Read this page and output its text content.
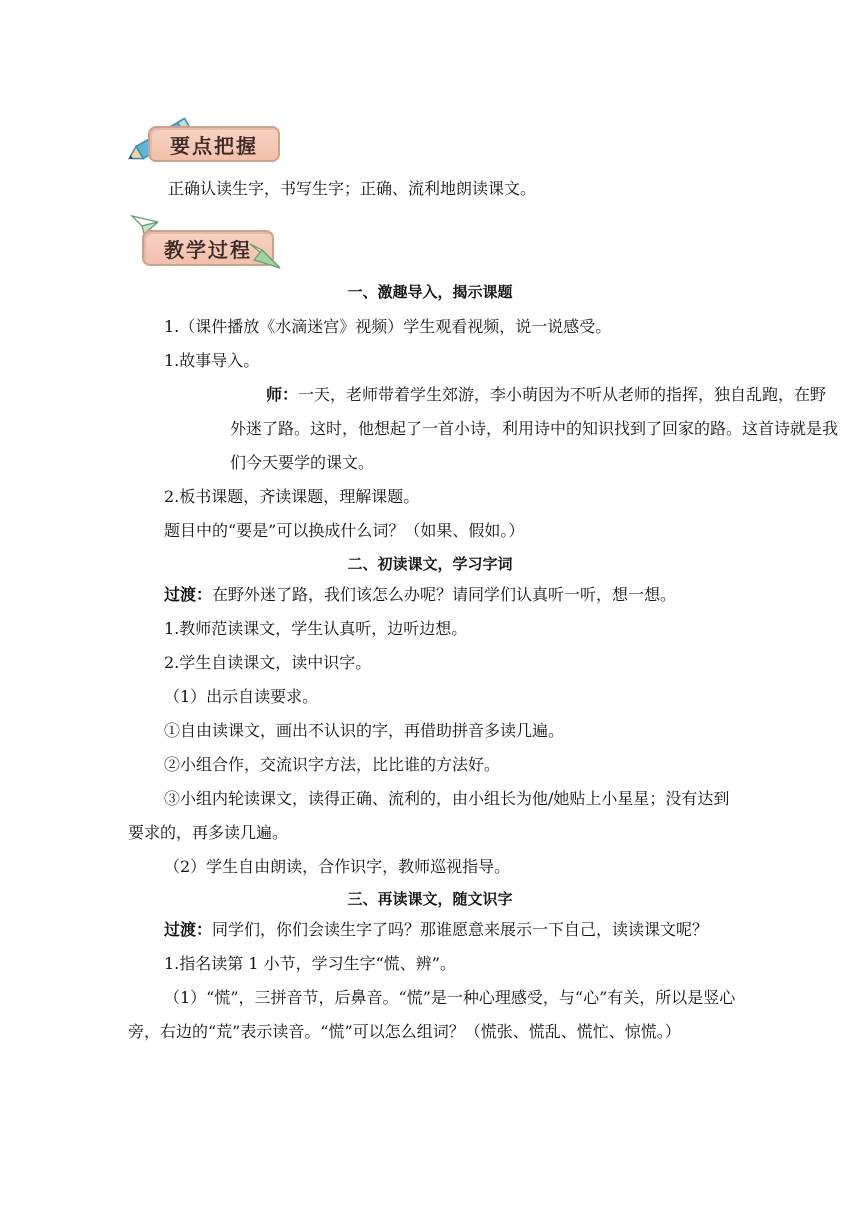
要点把握
正确认读生字，书写生字；正确、流利地朗读课文。
教学过程
一、激趣导入，揭示课题
1.（课件播放《水滴迷宫》视频）学生观看视频，说一说感受。
1.故事导入。
师：一天，老师带着学生郊游，李小萌因为不听从老师的指挥，独自乱跑，在野外迷了路。这时，他想起了一首小诗，利用诗中的知识找到了回家的路。这首诗就是我们今天要学的课文。
2.板书课题，齐读课题，理解课题。
题目中的“要是”可以换成什么词？（如果、假如。）
二、初读课文，学习字词
过渡：在野外迷了路，我们该怎么办呢？请同学们认真听一听，想一想。
1.教师范读课文，学生认真听，边听边想。
2.学生自读课文，读中识字。
（1）出示自读要求。
①自由读课文，画出不认识的字，再借助拼音多读几遍。
②小组合作，交流识字方法，比比谁的方法好。
③小组内轮读课文，读得正确、流利的，由小组长为他/她贴上小星星；没有达到要求的，再多读几遍。
（2）学生自由朗读，合作识字，教师巡视指导。
三、再读课文，随文识字
过渡：同学们，你们会读生字了吗？那谁愿意来展示一下自己，读读课文呢？
1.指名读第 1 小节，学习生字“慌、辨”。
（1）“慌”，三拼音节，后鼻音。“慌”是一种心理感受，与“心”有关，所以是竖心旁，右边的“荒”表示读音。“慌”可以怎么组词？（慌张、慌乱、慌忙、惊慌。）
